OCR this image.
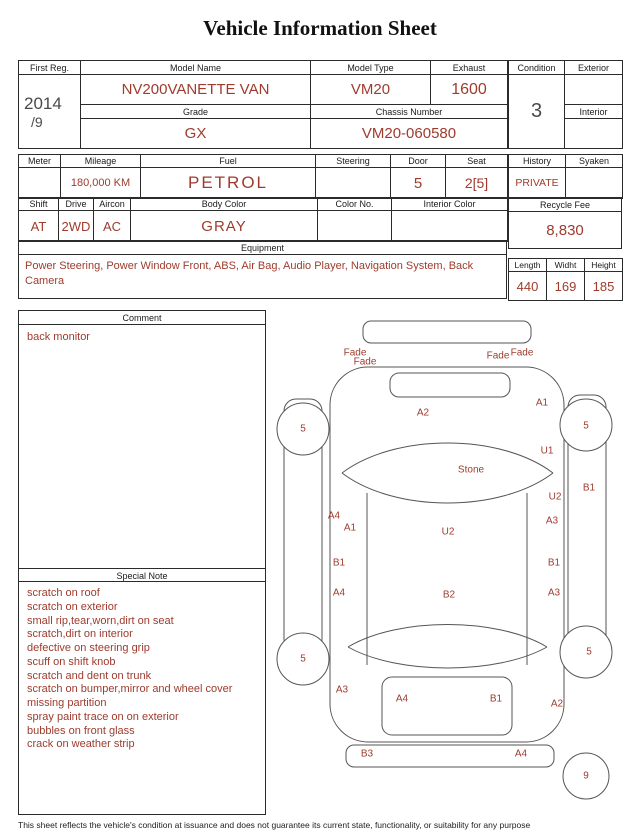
Vehicle Information Sheet
First Reg.	Model Name	Model Type	Exhaust

2014
/9	NV200VANETTE VAN	VM20	1600
	Grade	Chassis Number	
	GX	VM20-060580	
Condition	Exterior
3	
	Interior

Meter	Mileage	Fuel	Steering	Door	Seat
	180,000 KM	PETROL		5	2[5]
Shift	Drive	Aircon	Body Color	Color No.	Interior Color
AT	2WD	AC	GRAY		
Equipment
Power Steering, Power Window Front, ABS, Air Bag, Audio Player, Navigation System, Back Camera
History	Syaken
PRIVATE	
Recycle Fee
8,830
Length	Widht	Height
440	169	185
Comment
back monitor
Special Note
scratch on roof
scratch on exterior
small rip,tear,worn,dirt on seat
scratch,dirt on interior
defective on steering grip
scuff on shift knob
scratch and dent on trunk
scratch on bumper,mirror and wheel cover
missing partition
spray paint trace on on exterior
bubbles on front glass
crack on weather strip
Fade
Fade
Fade Fade
A1
A2
5	5
U1
Stone
B1
U2
A4
A1
A3
U2
B1	B1
A4	B2	A3
5
5
A3
A4	B1	A2
B3	A4
9
This sheet reflects the vehicle's condition at issuance and does not guarantee its current state, functionality, or suitability for any purpose
